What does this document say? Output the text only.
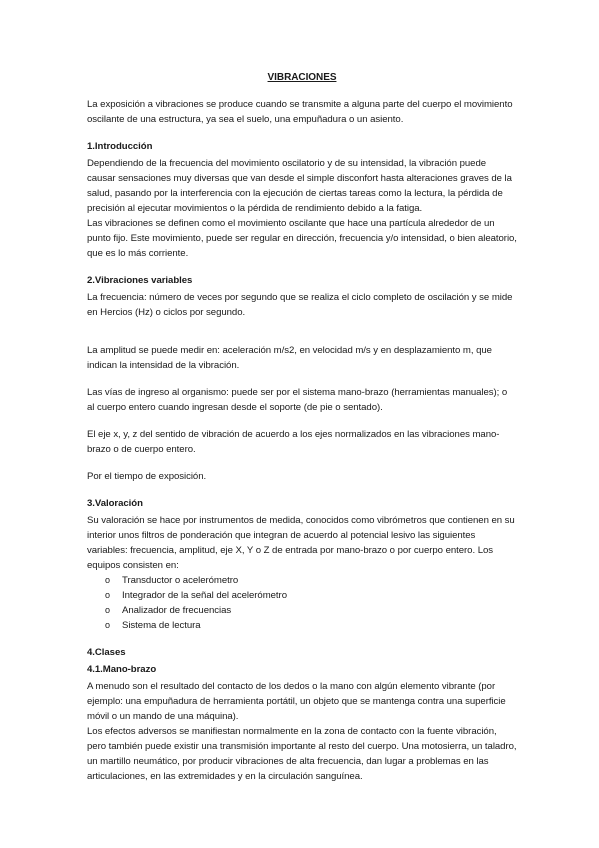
VIBRACIONES

La exposición a vibraciones se produce cuando se transmite a alguna parte del cuerpo el movimiento oscilante de una estructura, ya sea el suelo, una empuñadura o un asiento.

1.Introducción
Dependiendo de la frecuencia del movimiento oscilatorio y de su intensidad, la vibración puede causar sensaciones muy diversas que van desde el simple disconfort hasta alteraciones graves de la salud, pasando por la interferencia con la ejecución de ciertas tareas como la lectura, la pérdida de precisión al ejecutar movimientos o la pérdida de rendimiento debido a la fatiga.
Las vibraciones se definen como el movimiento oscilante que hace una partícula alrededor de un punto fijo. Este movimiento, puede ser regular en dirección, frecuencia y/o intensidad, o bien aleatorio, que es lo más corriente.
2.Vibraciones variables

La frecuencia: número de veces por segundo que se realiza el ciclo completo de oscilación y se mide en Hercios (Hz) o ciclos por segundo.

La amplitud se puede medir en: aceleración m/s2, en velocidad m/s y en desplazamiento m, que indican la intensidad de la vibración.

Las vías de ingreso al organismo: puede ser por el sistema mano-brazo (herramientas manuales); o al cuerpo entero cuando ingresan desde el soporte (de pie o sentado).

El eje x, y, z del sentido de vibración de acuerdo a los ejes normalizados en las vibraciones mano-brazo o de cuerpo entero.

Por el tiempo de exposición.

3.Valoración
Su valoración se hace por instrumentos de medida, conocidos como vibrómetros que contienen en su interior unos filtros de ponderación que integran de acuerdo al potencial lesivo las siguientes variables: frecuencia, amplitud, eje X, Y o Z de entrada por mano-brazo o por cuerpo entero. Los equipos consisten en:
o Transductor o acelerómetro
o Integrador de la señal del acelerómetro
o Analizador de frecuencias
o Sistema de lectura
4.Clases
4.1.Mano-brazo
A menudo son el resultado del contacto de los dedos o la mano con algún elemento vibrante (por ejemplo: una empuñadura de herramienta portátil, un objeto que se mantenga contra una superficie móvil o un mando de una máquina).
Los efectos adversos se manifiestan normalmente en la zona de contacto con la fuente vibración, pero también puede existir una transmisión importante al resto del cuerpo. Una motosierra, un taladro, un martillo neumático, por producir vibraciones de alta frecuencia, dan lugar a problemas en las articulaciones, en las extremidades y en la circulación sanguínea.
